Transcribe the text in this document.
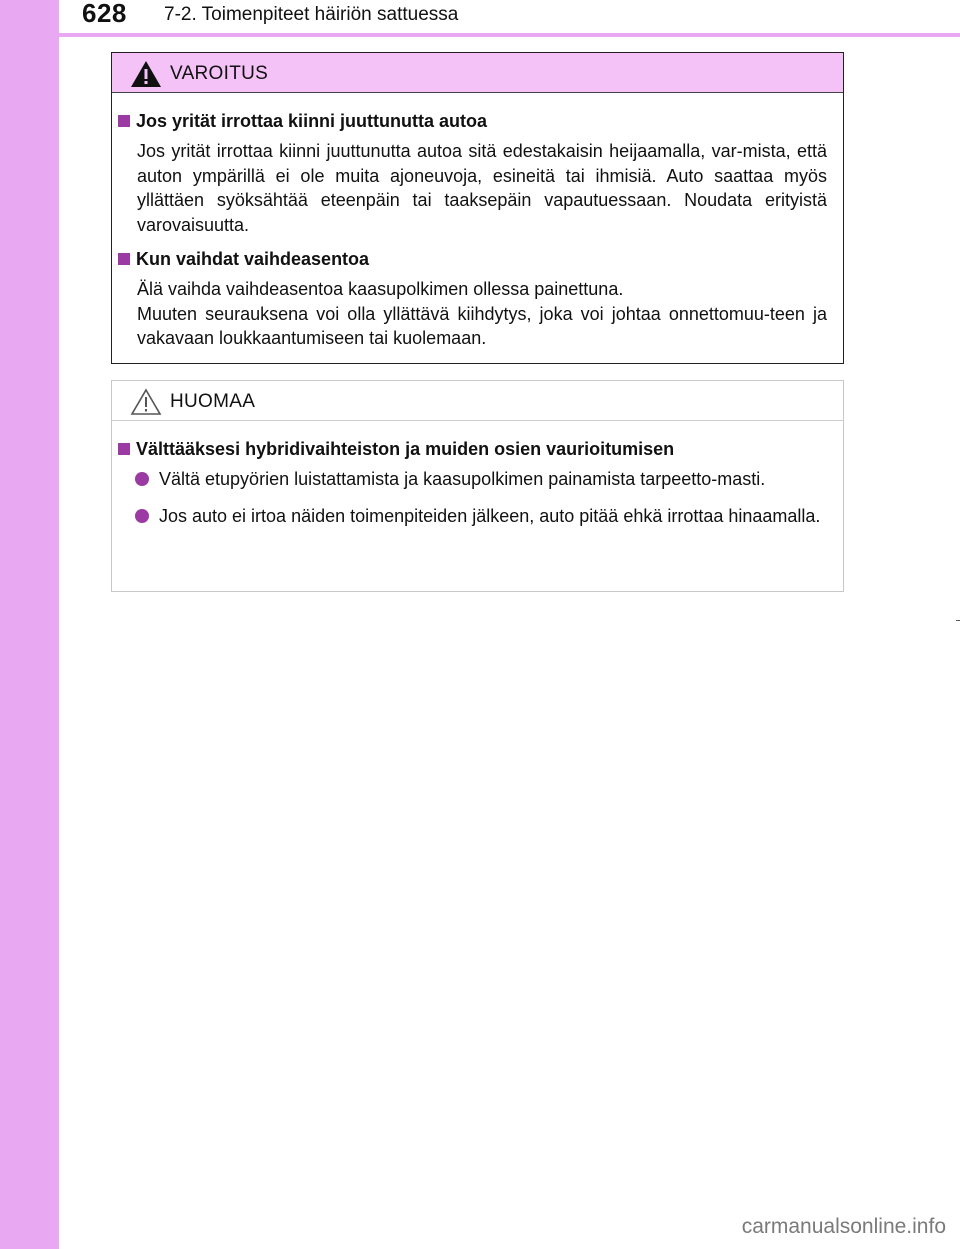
628 7-2. Toimenpiteet häiriön sattuessa
VAROITUS
Jos yrität irrottaa kiinni juuttunutta autoa

Jos yrität irrottaa kiinni juuttunutta autoa sitä edestakaisin heijaamalla, var-mista, että auton ympärillä ei ole muita ajoneuvoja, esineitä tai ihmisiä. Auto saattaa myös yllättäen syöksähtää eteenpäin tai taaksepäin vapautuessaan. Noudata erityistä varovaisuutta.

Kun vaihdat vaihdeasentoa

Älä vaihda vaihdeasentoa kaasupolkimen ollessa painettuna.

Muuten seurauksena voi olla yllättävä kiihdytys, joka voi johtaa onnettomuu-teen ja vakavaan loukkaantumiseen tai kuolemaan.

HUOMAA
Välttääksesi hybridivaihteiston ja muiden osien vaurioitumisen
Vältä etupyörien luistattamista ja kaasupolkimen painamista tarpeetto-masti.
Jos auto ei irtoa näiden toimenpiteiden jälkeen, auto pitää ehkä irrottaa hinaamalla.
carmanualsonline.info
